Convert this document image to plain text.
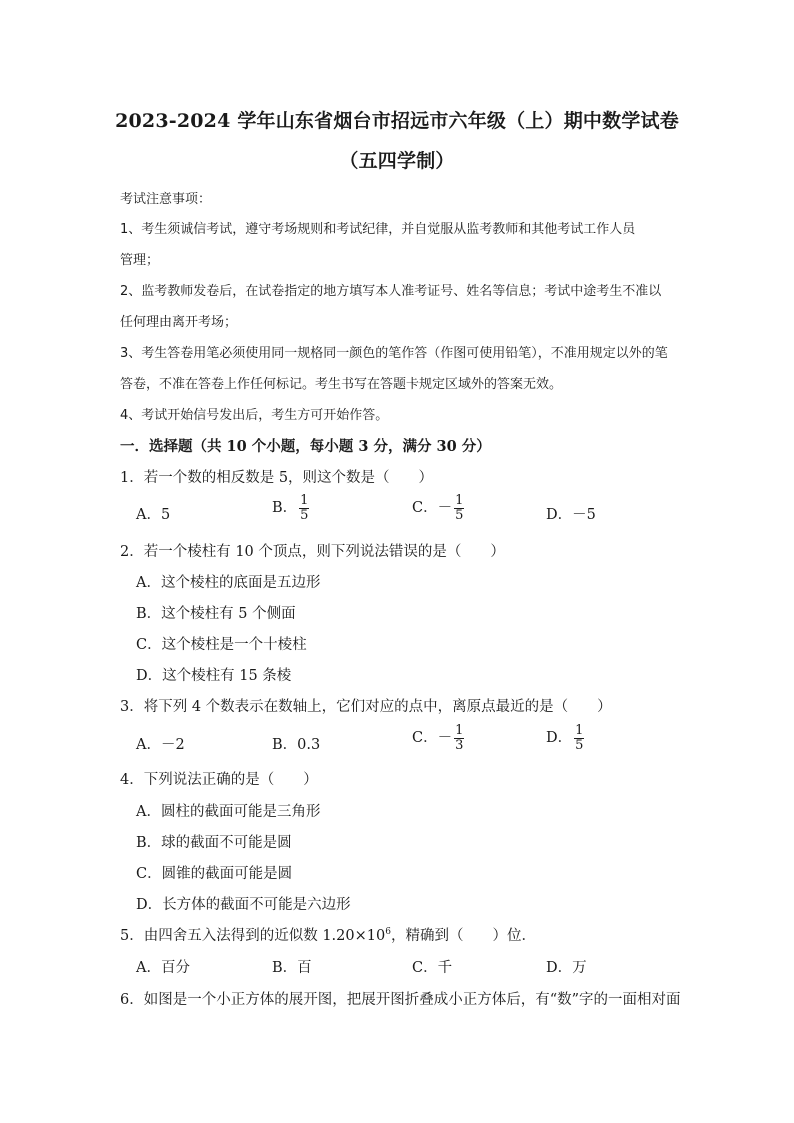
2023-2024 学年山东省烟台市招远市六年级（上）期中数学试卷
（五四学制）
考试注意事项：
1、考生须诚信考试，遵守考场规则和考试纪律，并自觉服从监考教师和其他考试工作人员
管理；
2、监考教师发卷后，在试卷指定的地方填写本人准考证号、姓名等信息；考试中途考生不准以
任何理由离开考场；
3、考生答卷用笔必须使用同一规格同一颜色的笔作答（作图可使用铅笔），不准用规定以外的笔
答卷，不准在答卷上作任何标记。考生书写在答题卡规定区域外的答案无效。
4、考试开始信号发出后，考生方可开始作答。
一．选择题（共 10 个小题，每小题 3 分，满分 30 分）
1．若一个数的相反数是 5，则这个数是（　　）
A．5	B． $\frac{1}{5}$	C．－ $\frac{1}{5}$	D．－5
2．若一个棱柱有 10 个顶点，则下列说法错误的是（　　）
A．这个棱柱的底面是五边形
B．这个棱柱有 5 个侧面
C．这个棱柱是一个十棱柱
D．这个棱柱有 15 条棱
3．将下列 4 个数表示在数轴上，它们对应的点中，离原点最近的是（　　）
A．－2	B．0.3	C．－ $\frac{1}{3}$	D． $\frac{1}{5}$
4．下列说法正确的是（　　）
A．圆柱的截面可能是三角形
B．球的截面不可能是圆
C．圆锥的截面可能是圆
D．长方体的截面不可能是六边形
5．由四舍五入法得到的近似数 $1.20\times 10^6$，精确到（　　）位．
A．百分	B．百	C．千	D．万
6．如图是一个小正方体的展开图，把展开图折叠成小正方体后，有“数”字的一面相对面
